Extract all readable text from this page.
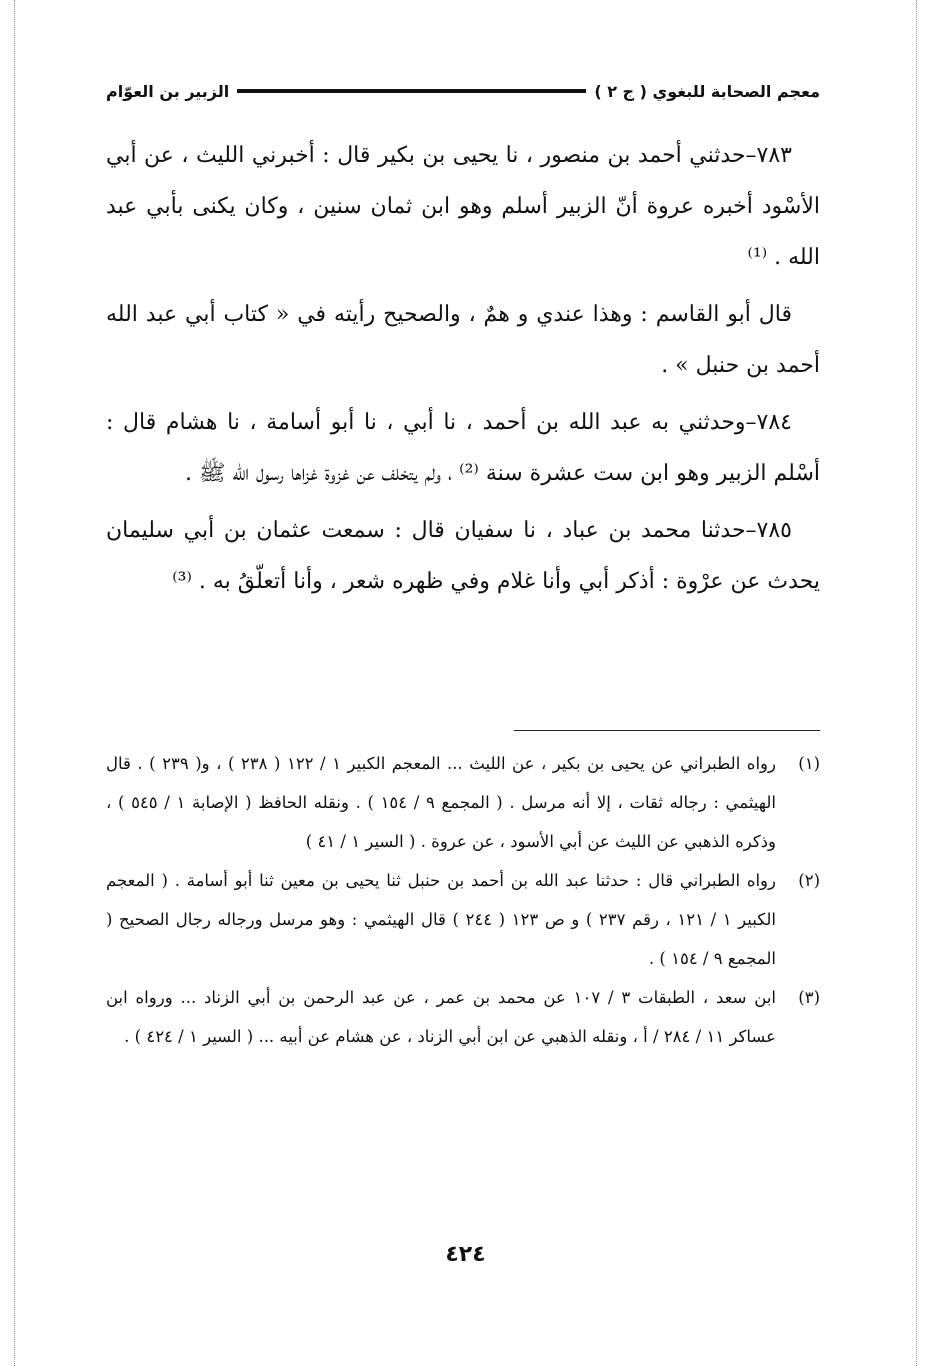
معجم الصحابة للبغوي ( ج ٢ )
الزبير بن العوّام

٧٨٣–حدثني أحمد بن منصور ، نا يحيى بن بكير قال : أخبرني الليث ، عن أبي الأسْود أخبره عروة أنّ الزبير أسلم وهو ابن ثمان سنين ، وكان يكنى بأبي عبد الله . ⁽¹⁾

قال أبو القاسم : وهذا عندي و همٌ ، والصحيح رأيته في « كتاب أبي عبد الله أحمد بن حنبل » .

٧٨٤–وحدثني به عبد الله بن أحمد ، نا أبي ، نا أبو أسامة ، نا هشام قال : أسْلم الزبير وهو ابن ست عشرة سنة ⁽²⁾ ، ولم يتخلف عن غزوة غزاها رسول الله ﷺ .

٧٨٥–حدثنا محمد بن عباد ، نا سفيان قال : سمعت عثمان بن أبي سليمان يحدث عن عرْوة : أذكر أبي وأنا غلام وفي ظهره شعر ، وأنا أتعلّقُ به . ⁽³⁾

(١)
رواه الطبراني عن يحيى بن بكير ، عن الليث ... المعجم الكبير ١ / ١٢٢ ( ٢٣٨ ) ، و( ٢٣٩ ) . قال الهيثمي : رجاله ثقات ، إلا أنه مرسل . ( المجمع ٩ / ١٥٤ ) . ونقله الحافظ ( الإصابة ١ / ٥٤٥ ) ، وذكره الذهبي عن الليث عن أبي الأسود ، عن عروة . ( السير ١ / ٤١ )
(٢)
رواه الطبراني قال : حدثنا عبد الله بن أحمد بن حنبل ثنا يحيى بن معين ثنا أبو أسامة . ( المعجم الكبير ١ / ١٢١ ، رقم ٢٣٧ ) و ص ١٢٣ ( ٢٤٤ ) قال الهيثمي : وهو مرسل ورجاله رجال الصحيح ( المجمع ٩ / ١٥٤ ) .
(٣)
ابن سعد ، الطبقات ٣ / ١٠٧ عن محمد بن عمر ، عن عبد الرحمن بن أبي الزناد ... ورواه ابن عساكر ١١ / ٢٨٤ / أ ، ونقله الذهبي عن ابن أبي الزناد ، عن هشام عن أبيه ... ( السير ١ / ٤٢٤ ) .
٤٢٤
